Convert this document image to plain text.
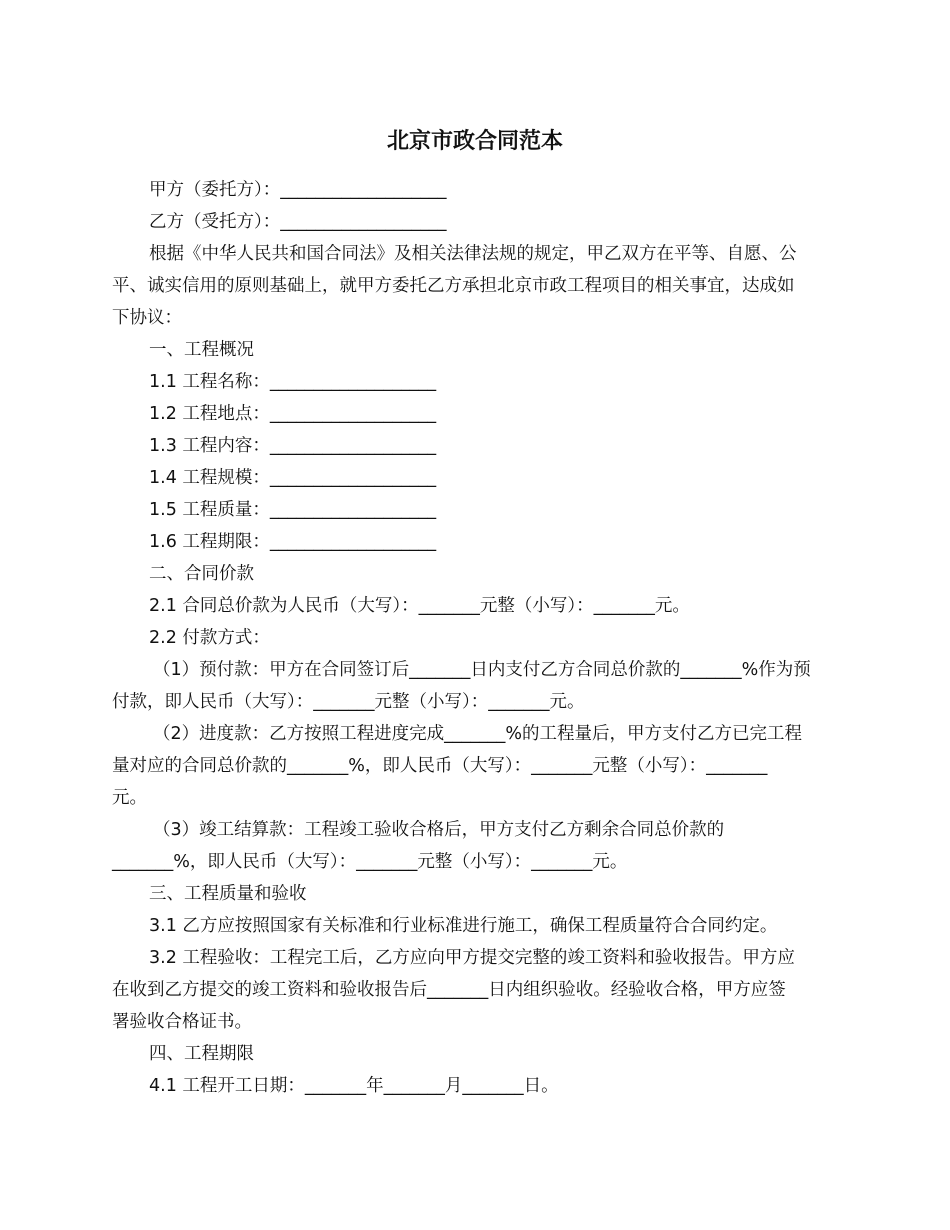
北京市政合同范本
甲方（委托方）：___________________
乙方（受托方）：___________________
根据《中华人民共和国合同法》及相关法律法规的规定，甲乙双方在平等、自愿、公
平、诚实信用的原则基础上，就甲方委托乙方承担北京市政工程项目的相关事宜，达成如
下协议：
一、工程概况
1.1 工程名称：___________________
1.2 工程地点：___________________
1.3 工程内容：___________________
1.4 工程规模：___________________
1.5 工程质量：___________________
1.6 工程期限：___________________
二、合同价款
2.1 合同总价款为人民币（大写）：_______元整（小写）：_______元。
2.2 付款方式：
（1）预付款：甲方在合同签订后_______日内支付乙方合同总价款的_______%作为预
付款，即人民币（大写）：_______元整（小写）：_______元。
（2）进度款：乙方按照工程进度完成_______%的工程量后，甲方支付乙方已完工程
量对应的合同总价款的_______%，即人民币（大写）：_______元整（小写）：_______
元。
（3）竣工结算款：工程竣工验收合格后，甲方支付乙方剩余合同总价款的
_______%，即人民币（大写）：_______元整（小写）：_______元。
三、工程质量和验收
3.1 乙方应按照国家有关标准和行业标准进行施工，确保工程质量符合合同约定。
3.2 工程验收：工程完工后，乙方应向甲方提交完整的竣工资料和验收报告。甲方应
在收到乙方提交的竣工资料和验收报告后_______日内组织验收。经验收合格，甲方应签
署验收合格证书。
四、工程期限
4.1 工程开工日期：_______年_______月_______日。
